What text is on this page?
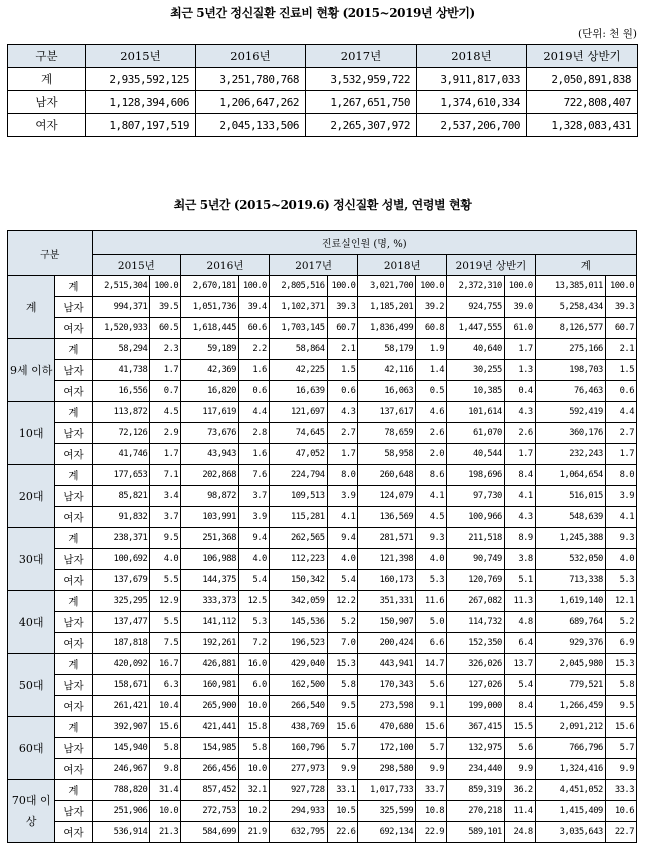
최근 5년간 정신질환 진료비 현황 (2015~2019년 상반기)
(단위: 천 원)
구분	2015년	2016년	2017년	2018년	2019년 상반기
계	2,935,592,125	3,251,780,768	3,532,959,722	3,911,817,033	2,050,891,838
남자	1,128,394,606	1,206,647,262	1,267,651,750	1,374,610,334	722,808,407
여자	1,807,197,519	2,045,133,506	2,265,307,972	2,537,206,700	1,328,083,431
최근 5년간 (2015~2019.6) 정신질환 성별, 연령별 현황
구분		진료실인원 (명, %)											
		2015년		2016년		2017년		2018년		2019년 상반기		계	
계	계	2,515,304	100.0	2,670,181	100.0	2,805,516	100.0	3,021,700	100.0	2,372,310	100.0	13,385,011	100.0
	남자	994,371	39.5	1,051,736	39.4	1,102,371	39.3	1,185,201	39.2	924,755	39.0	5,258,434	39.3
	여자	1,520,933	60.5	1,618,445	60.6	1,703,145	60.7	1,836,499	60.8	1,447,555	61.0	8,126,577	60.7
9세 이하	계	58,294	2.3	59,189	2.2	58,864	2.1	58,179	1.9	40,640	1.7	275,166	2.1
	남자	41,738	1.7	42,369	1.6	42,225	1.5	42,116	1.4	30,255	1.3	198,703	1.5
	여자	16,556	0.7	16,820	0.6	16,639	0.6	16,063	0.5	10,385	0.4	76,463	0.6
10대	계	113,872	4.5	117,619	4.4	121,697	4.3	137,617	4.6	101,614	4.3	592,419	4.4
	남자	72,126	2.9	73,676	2.8	74,645	2.7	78,659	2.6	61,070	2.6	360,176	2.7
	여자	41,746	1.7	43,943	1.6	47,052	1.7	58,958	2.0	40,544	1.7	232,243	1.7
20대	계	177,653	7.1	202,868	7.6	224,794	8.0	260,648	8.6	198,696	8.4	1,064,654	8.0
	남자	85,821	3.4	98,872	3.7	109,513	3.9	124,079	4.1	97,730	4.1	516,015	3.9
	여자	91,832	3.7	103,991	3.9	115,281	4.1	136,569	4.5	100,966	4.3	548,639	4.1
30대	계	238,371	9.5	251,368	9.4	262,565	9.4	281,571	9.3	211,518	8.9	1,245,388	9.3
	남자	100,692	4.0	106,988	4.0	112,223	4.0	121,398	4.0	90,749	3.8	532,050	4.0
	여자	137,679	5.5	144,375	5.4	150,342	5.4	160,173	5.3	120,769	5.1	713,338	5.3
40대	계	325,295	12.9	333,373	12.5	342,059	12.2	351,331	11.6	267,082	11.3	1,619,140	12.1
	남자	137,477	5.5	141,112	5.3	145,536	5.2	150,907	5.0	114,732	4.8	689,764	5.2
	여자	187,818	7.5	192,261	7.2	196,523	7.0	200,424	6.6	152,350	6.4	929,376	6.9
50대	계	420,092	16.7	426,881	16.0	429,040	15.3	443,941	14.7	326,026	13.7	2,045,980	15.3
	남자	158,671	6.3	160,981	6.0	162,500	5.8	170,343	5.6	127,026	5.4	779,521	5.8
	여자	261,421	10.4	265,900	10.0	266,540	9.5	273,598	9.1	199,000	8.4	1,266,459	9.5
60대	계	392,907	15.6	421,441	15.8	438,769	15.6	470,680	15.6	367,415	15.5	2,091,212	15.6
	남자	145,940	5.8	154,985	5.8	160,796	5.7	172,100	5.7	132,975	5.6	766,796	5.7
	여자	246,967	9.8	266,456	10.0	277,973	9.9	298,580	9.9	234,440	9.9	1,324,416	9.9
70대 이상	계	788,820	31.4	857,452	32.1	927,728	33.1	1,017,733	33.7	859,319	36.2	4,451,052	33.3
	남자	251,906	10.0	272,753	10.2	294,933	10.5	325,599	10.8	270,218	11.4	1,415,409	10.6
	여자	536,914	21.3	584,699	21.9	632,795	22.6	692,134	22.9	589,101	24.8	3,035,643	22.7
